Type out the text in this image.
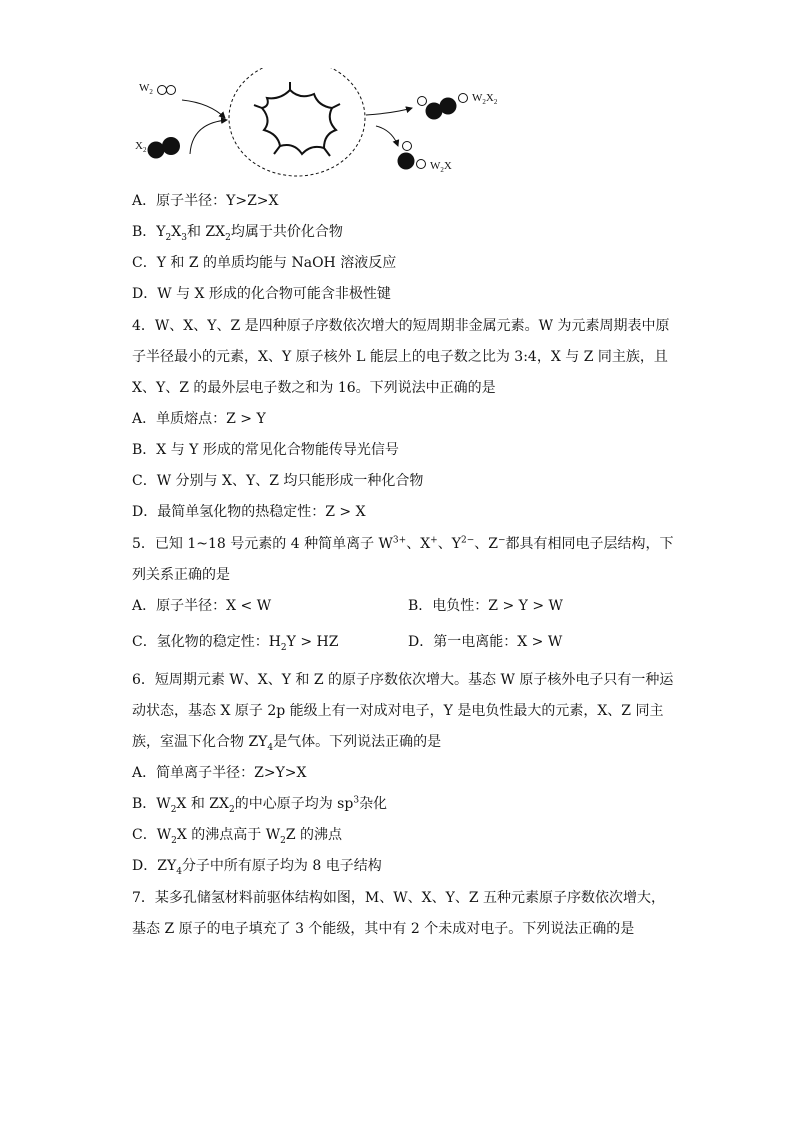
$W_2$
$X_2$
$W_2X_2$
$W_2X$
A．原子半径：Y>Z>X
B．$Y_2X_3$和 $ZX_2$均属于共价化合物
C．Y 和 Z 的单质均能与 NaOH 溶液反应
D．W 与 X 形成的化合物可能含非极性键
4．W、X、Y、Z 是四种原子序数依次增大的短周期非金属元素。W 为元素周期表中原
子半径最小的元素，X、Y 原子核外 L 能层上的电子数之比为 3:4，X 与 Z 同主族，且
X、Y、Z 的最外层电子数之和为 16。下列说法中正确的是
A．单质熔点：Z > Y
B．X 与 Y 形成的常见化合物能传导光信号
C．W 分别与 X、Y、Z 均只能形成一种化合物
D．最简单氢化物的热稳定性：Z > X
5．已知 1~18 号元素的 4 种简单离子 $W^{3+}$、X+、$Y^{2-}$、Z−都具有相同电子层结构，下
列关系正确的是
A．原子半径：X < W	B．电负性：Z > Y > W
C．氢化物的稳定性：$H_2Y$ > HZ	D．第一电离能：X > W
6．短周期元素 W、X、Y 和 Z 的原子序数依次增大。基态 W 原子核外电子只有一种运
动状态，基态 X 原子 2p 能级上有一对成对电子，Y 是电负性最大的元素，X、Z 同主
族，室温下化合物 $ZY_4$是气体。下列说法正确的是
A．简单离子半径：Z>Y>X
B．$W_2X$ 和 $ZX_2$的中心原子均为 $sp^3$杂化
C．$W_2X$ 的沸点高于 $W_2Z$ 的沸点
D．$ZY_4$分子中所有原子均为 8 电子结构
7．某多孔储氢材料前驱体结构如图，M、W、X、Y、Z 五种元素原子序数依次增大，
基态 Z 原子的电子填充了 3 个能级，其中有 2 个未成对电子。下列说法正确的是
